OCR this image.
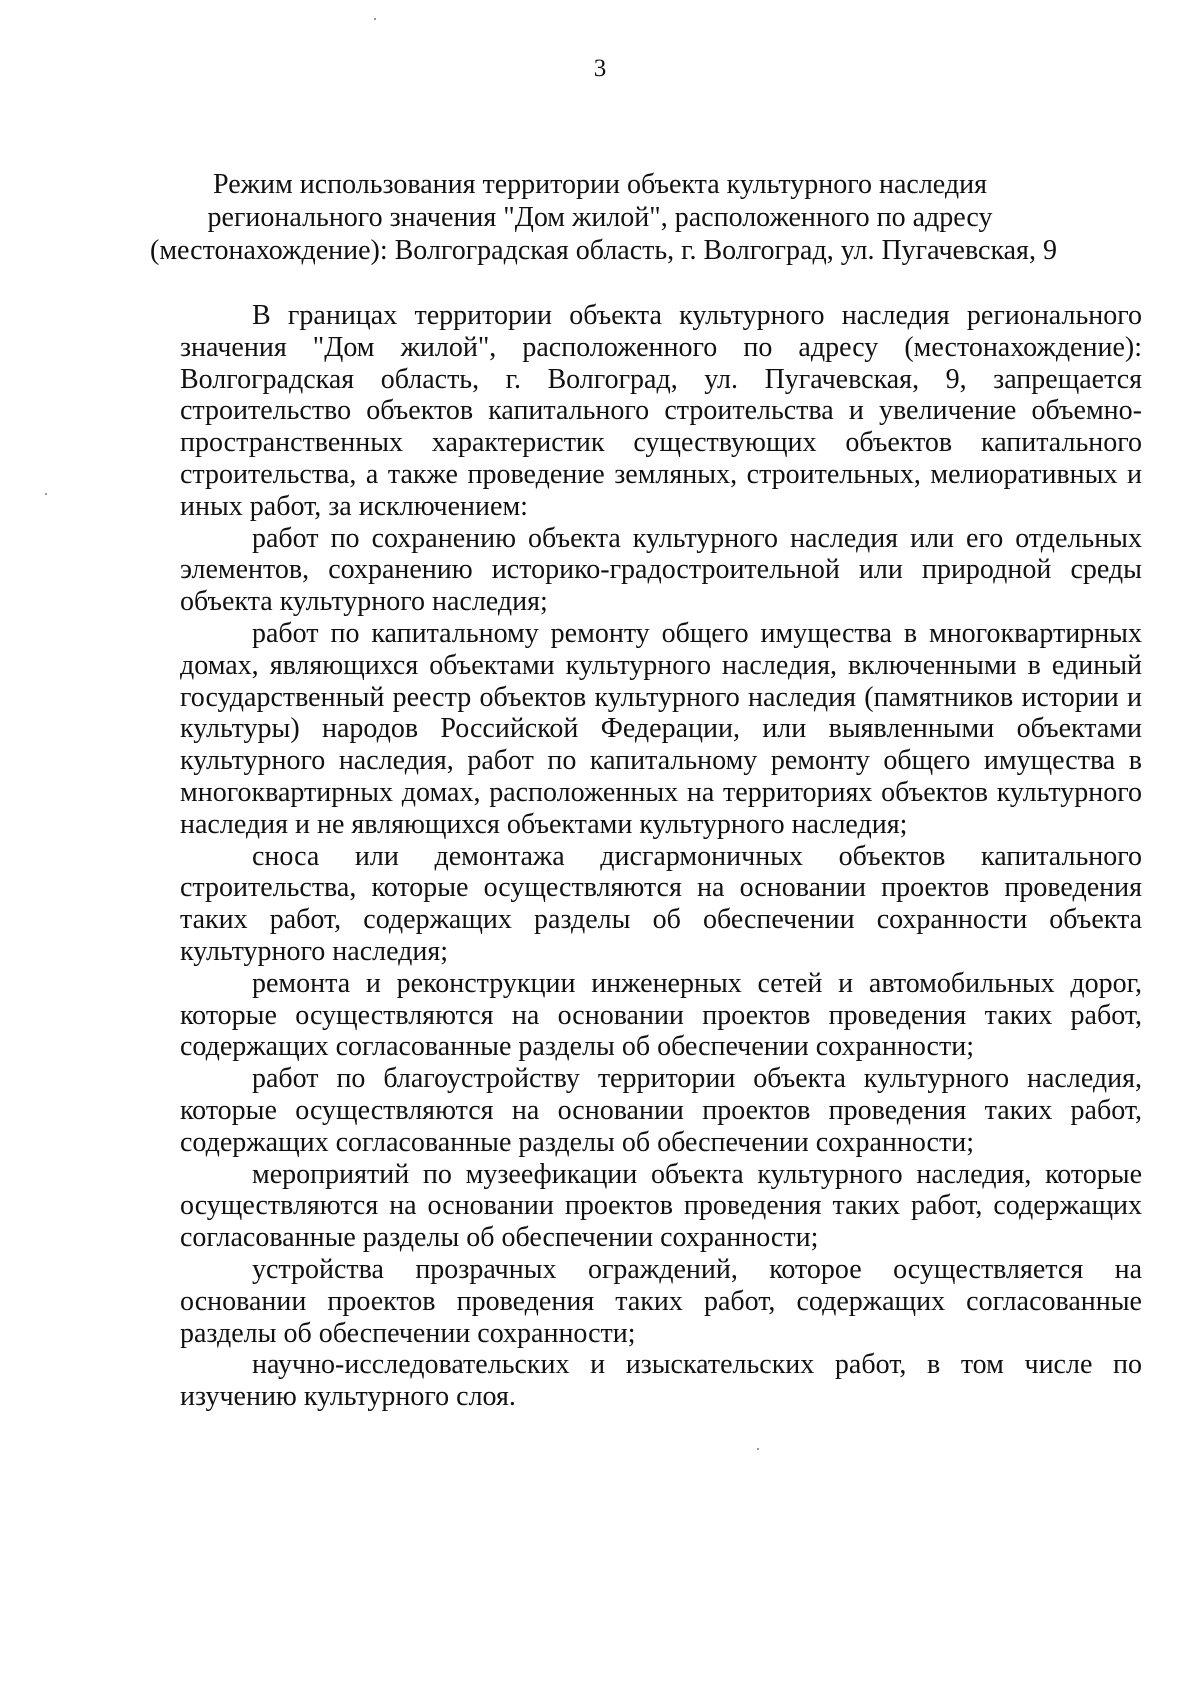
3
Режим использования территории объекта культурного наследия
регионального значения "Дом жилой", расположенного по адресу
(местонахождение): Волгоградская область, г. Волгоград, ул. Пугачевская, 9

В границах территории объекта культурного наследия регионального значения "Дом жилой", расположенного по адресу (местонахождение): Волгоградская область, г. Волгоград, ул. Пугачевская, 9, запрещается строительство объектов капитального строительства и увеличение объемно-пространственных характеристик существующих объектов капитального строительства, а также проведение земляных, строительных, мелиоративных и иных работ, за исключением:

работ по сохранению объекта культурного наследия или его отдельных элементов, сохранению историко-градостроительной или природной среды объекта культурного наследия;

работ по капитальному ремонту общего имущества в многоквартирных домах, являющихся объектами культурного наследия, включенными в единый государственный реестр объектов культурного наследия (памятников истории и культуры) народов Российской Федерации, или выявленными объектами культурного наследия, работ по капитальному ремонту общего имущества в многоквартирных домах, расположенных на территориях объектов культурного наследия и не являющихся объектами культурного наследия;

сноса или демонтажа дисгармоничных объектов капитального строительства, которые осуществляются на основании проектов проведения таких работ, содержащих разделы об обеспечении сохранности объекта культурного наследия;

ремонта и реконструкции инженерных сетей и автомобильных дорог, которые осуществляются на основании проектов проведения таких работ, содержащих согласованные разделы об обеспечении сохранности;

работ по благоустройству территории объекта культурного наследия, которые осуществляются на основании проектов проведения таких работ, содержащих согласованные разделы об обеспечении сохранности;

мероприятий по музеефикации объекта культурного наследия, которые осуществляются на основании проектов проведения таких работ, содержащих согласованные разделы об обеспечении сохранности;

устройства прозрачных ограждений, которое осуществляется на основании проектов проведения таких работ, содержащих согласованные разделы об обеспечении сохранности;

научно-исследовательских и изыскательских работ, в том числе по изучению культурного слоя.
